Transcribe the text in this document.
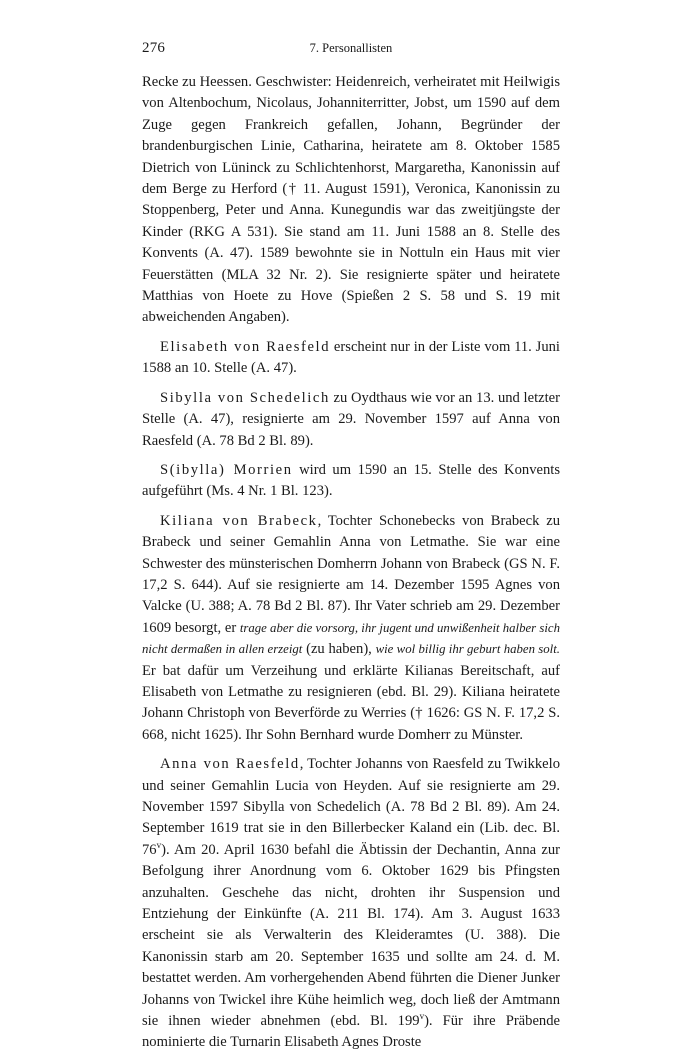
276	7. Personallisten

Recke zu Heessen. Geschwister: Heidenreich, verheiratet mit Heilwigis von Altenbochum, Nicolaus, Johanniterritter, Jobst, um 1590 auf dem Zuge gegen Frankreich gefallen, Johann, Begründer der brandenburgischen Linie, Catharina, heiratete am 8. Oktober 1585 Dietrich von Lüninck zu Schlichtenhorst, Margaretha, Kanonissin auf dem Berge zu Herford († 11. August 1591), Veronica, Kanonissin zu Stoppenberg, Peter und Anna. Kunegundis war das zweitjüngste der Kinder (RKG A 531). Sie stand am 11. Juni 1588 an 8. Stelle des Konvents (A. 47). 1589 bewohnte sie in Nottuln ein Haus mit vier Feuerstätten (MLA 32 Nr. 2). Sie resignierte später und heiratete Matthias von Hoete zu Hove (Spießen 2 S. 58 und S. 19 mit abweichenden Angaben).

Elisabeth von Raesfeld erscheint nur in der Liste vom 11. Juni 1588 an 10. Stelle (A. 47).

Sibylla von Schedelich zu Oydthaus wie vor an 13. und letzter Stelle (A. 47), resignierte am 29. November 1597 auf Anna von Raesfeld (A. 78 Bd 2 Bl. 89).

S(ibylla) Morrien wird um 1590 an 15. Stelle des Konvents aufgeführt (Ms. 4 Nr. 1 Bl. 123).

Kiliana von Brabeck, Tochter Schonebecks von Brabeck zu Brabeck und seiner Gemahlin Anna von Letmathe. Sie war eine Schwester des münsterischen Domherrn Johann von Brabeck (GS N. F. 17,2 S. 644). Auf sie resignierte am 14. Dezember 1595 Agnes von Valcke (U. 388; A. 78 Bd 2 Bl. 87). Ihr Vater schrieb am 29. Dezember 1609 besorgt, er trage aber die vorsorg, ihr jugent und unwißenheit halber sich nicht dermaßen in allen erzeigt (zu haben), wie wol billig ihr geburt haben solt. Er bat dafür um Verzeihung und erklärte Kilianas Bereitschaft, auf Elisabeth von Letmathe zu resignieren (ebd. Bl. 29). Kiliana heiratete Johann Christoph von Beverförde zu Werries († 1626: GS N. F. 17,2 S. 668, nicht 1625). Ihr Sohn Bernhard wurde Domherr zu Münster.

Anna von Raesfeld, Tochter Johanns von Raesfeld zu Twikkelo und seiner Gemahlin Lucia von Heyden. Auf sie resignierte am 29. November 1597 Sibylla von Schedelich (A. 78 Bd 2 Bl. 89). Am 24. September 1619 trat sie in den Billerbecker Kaland ein (Lib. dec. Bl. 76$^v$). Am 20. April 1630 befahl die Äbtissin der Dechantin, Anna zur Befolgung ihrer Anordnung vom 6. Oktober 1629 bis Pfingsten anzuhalten. Geschehe das nicht, drohten ihr Suspension und Entziehung der Einkünfte (A. 211 Bl. 174). Am 3. August 1633 erscheint sie als Verwalterin des Kleideramtes (U. 388). Die Kanonissin starb am 20. September 1635 und sollte am 24. d. M. bestattet werden. Am vorhergehenden Abend führten die Diener Junker Johanns von Twickel ihre Kühe heimlich weg, doch ließ der Amtmann sie ihnen wieder abnehmen (ebd. Bl. 199$^v$). Für ihre Präbende nominierte die Turnarin Elisabeth Agnes Droste
